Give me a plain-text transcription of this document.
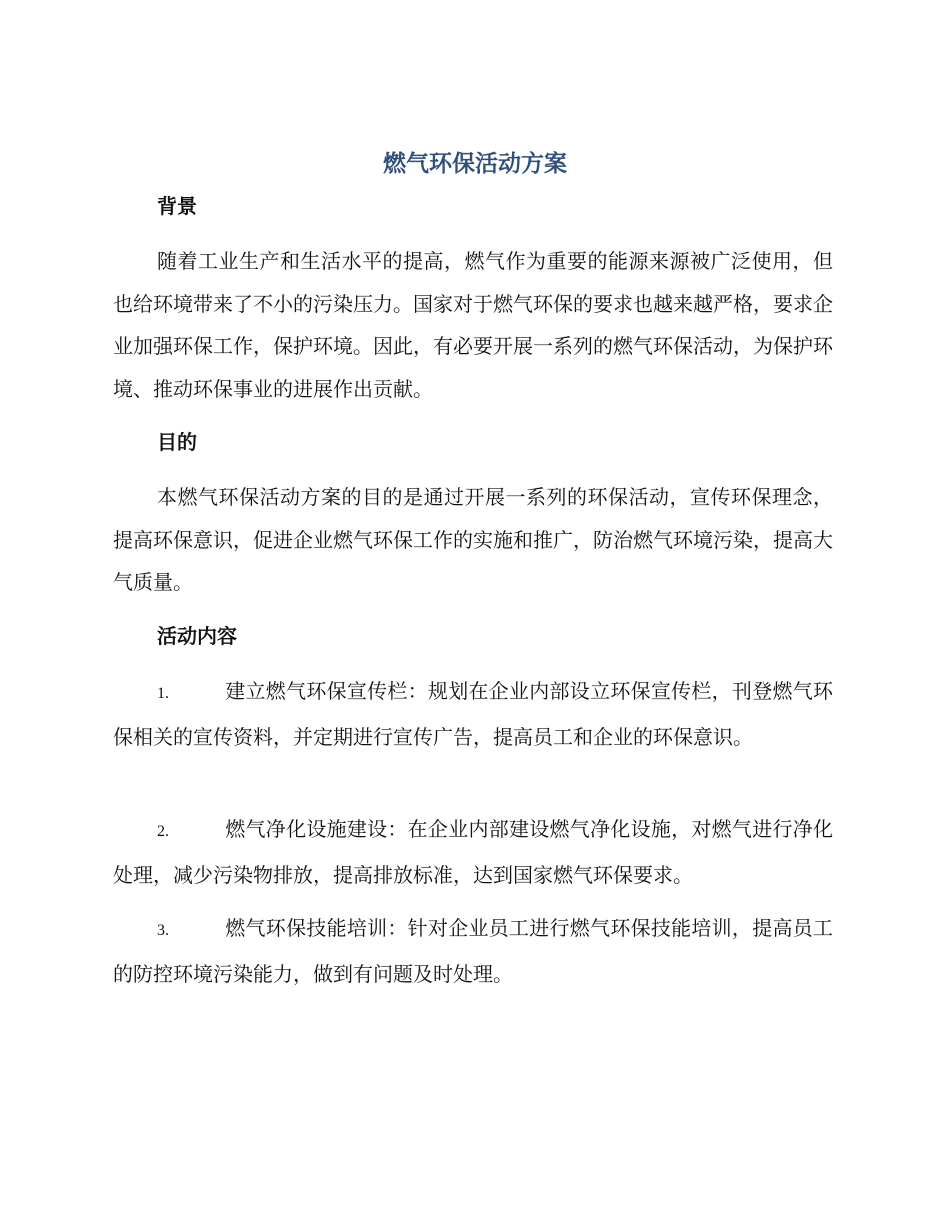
燃气环保活动方案
背景

随着工业生产和生活水平的提高，燃气作为重要的能源来源被广泛使用，但也给环境带来了不小的污染压力。国家对于燃气环保的要求也越来越严格，要求企业加强环保工作，保护环境。因此，有必要开展一系列的燃气环保活动，为保护环境、推动环保事业的进展作出贡献。

目的

本燃气环保活动方案的目的是通过开展一系列的环保活动，宣传环保理念，提高环保意识，促进企业燃气环保工作的实施和推广，防治燃气环境污染，提高大气质量。

活动内容

1.	建立燃气环保宣传栏：规划在企业内部设立环保宣传栏，刊登燃气环保相关的宣传资料，并定期进行宣传广告，提高员工和企业的环保意识。

2.	燃气净化设施建设：在企业内部建设燃气净化设施，对燃气进行净化处理，减少污染物排放，提高排放标准，达到国家燃气环保要求。

3.	燃气环保技能培训：针对企业员工进行燃气环保技能培训，提高员工的防控环境污染能力，做到有问题及时处理。
